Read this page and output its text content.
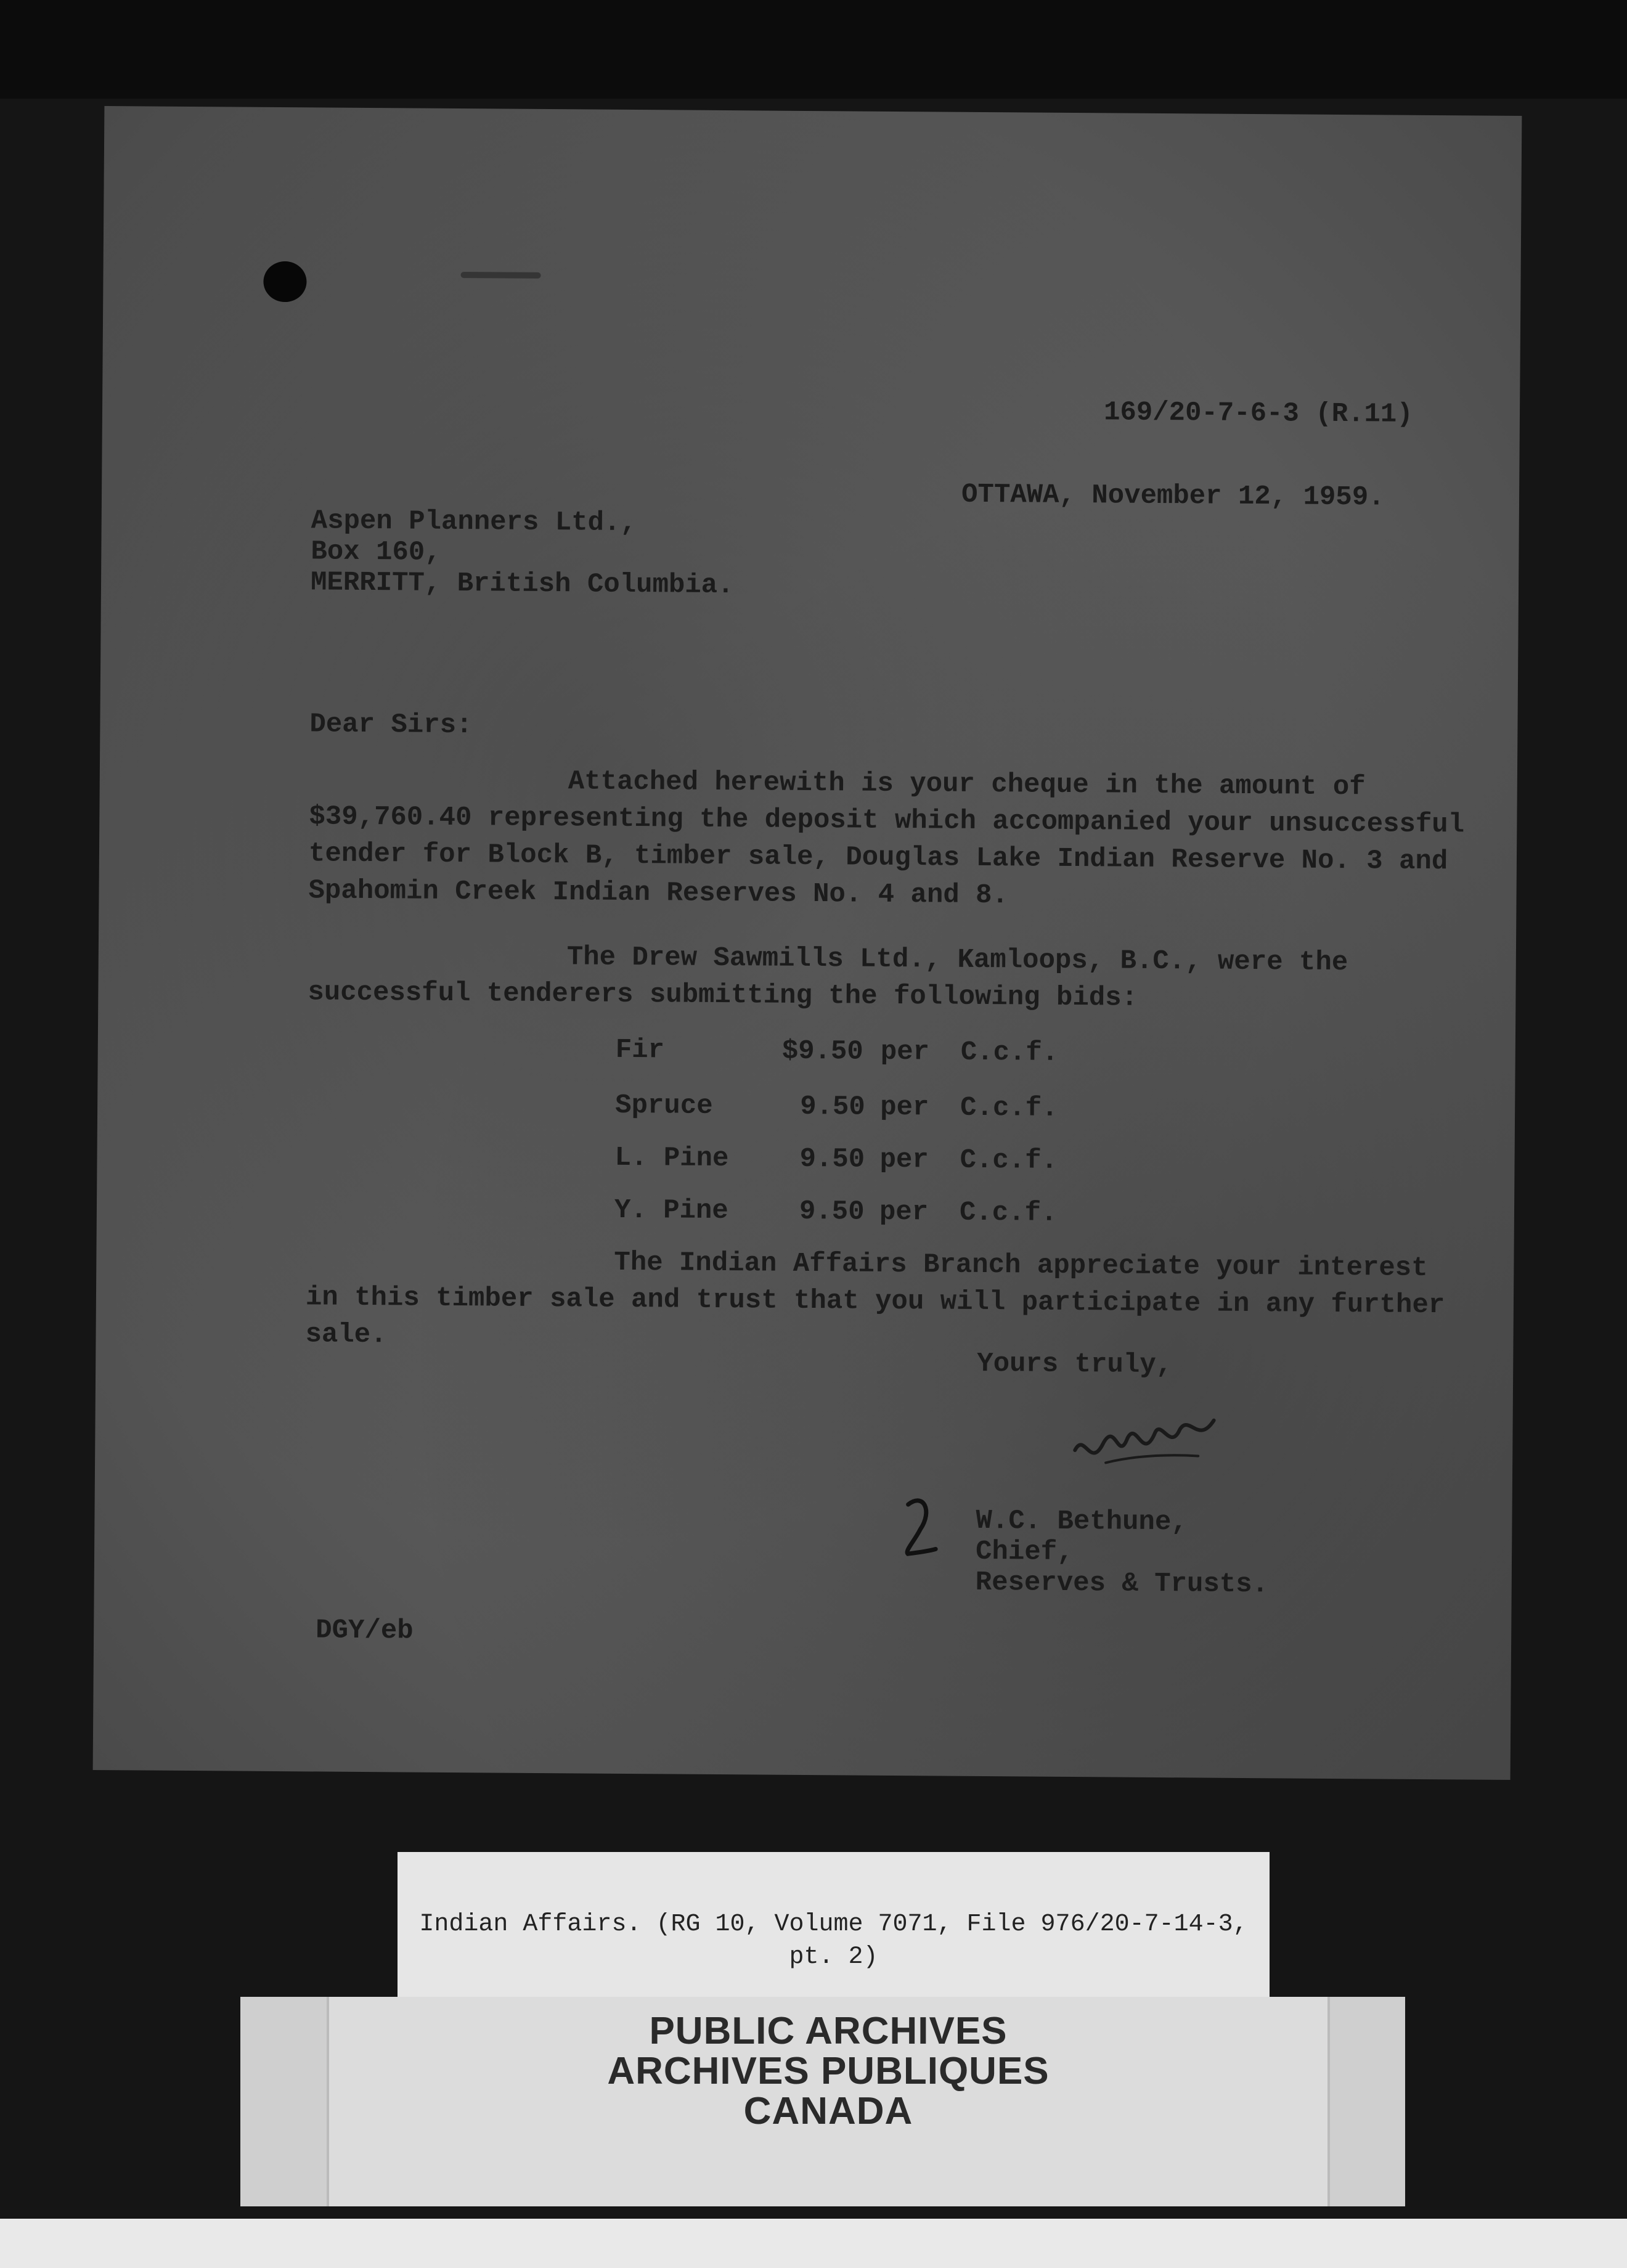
169/20-7-6-3 (R.11)
OTTAWA, November 12, 1959.
Aspen Planners Ltd.,
Box 160,
MERRITT, British Columbia.
Dear Sirs:
Attached herewith is your cheque in the amount of
$39,760.40 representing the deposit which accompanied your unsuccessful
tender for Block B, timber sale, Douglas Lake Indian Reserve No. 3 and
Spahomin Creek Indian Reserves No. 4 and 8.
The Drew Sawmills Ltd., Kamloops, B.C., were the
successful tenderers submitting the following bids:
Fir	$9.50 per C.c.f.
Spruce	9.50 per C.c.f.
L. Pine	9.50 per C.c.f.
Y. Pine	9.50 per C.c.f.
The Indian Affairs Branch appreciate your interest
in this timber sale and trust that you will participate in any further
sale.
Yours truly,
W.C. Bethune,
Chief,
Reserves & Trusts.
DGY/eb
Indian Affairs. (RG 10, Volume 7071, File 976/20-7-14-3,
pt. 2)
PUBLIC ARCHIVES
ARCHIVES PUBLIQUES
CANADA
